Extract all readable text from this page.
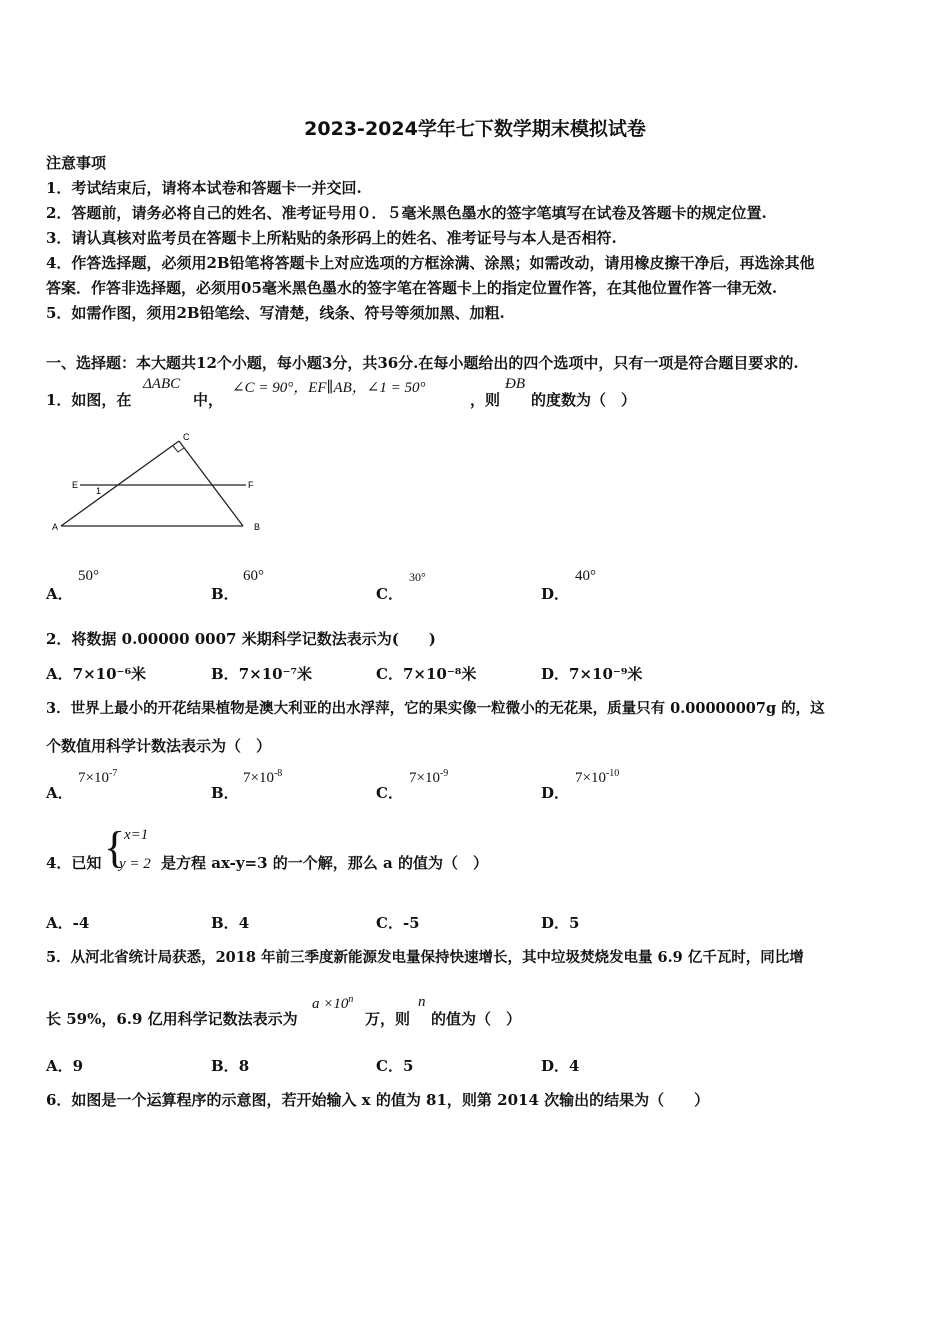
2023-2024学年七下数学期末模拟试卷
注意事项
1．考试结束后，请将本试卷和答题卡一并交回.
2．答题前，请务必将自己的姓名、准考证号用０．５毫米黑色墨水的签字笔填写在试卷及答题卡的规定位置.
3．请认真核对监考员在答题卡上所粘贴的条形码上的姓名、准考证号与本人是否相符.
4．作答选择题，必须用2B铅笔将答题卡上对应选项的方框涂满、涂黑；如需改动，请用橡皮擦干净后，再选涂其他
答案．作答非选择题，必须用05毫米黑色墨水的签字笔在答题卡上的指定位置作答，在其他位置作答一律无效.
5．如需作图，须用2B铅笔绘、写清楚，线条、符号等须加黑、加粗.
一、选择题：本大题共12个小题，每小题3分，共36分.在每小题给出的四个选项中，只有一项是符合题目要求的.
1．如图，在
ΔABC
中，
∠C = 90°，EF∥AB，∠1 = 50°
，则
ÐB
的度数为（　）
C
E	F
A	B
1
A．
50°
B．
60°
C．
30°
D．
40°
2．将数据 0.00000 0007 米期科学记数法表示为(　　)
A．7×10⁻⁶米	B．7×10⁻⁷米	C．7×10⁻⁸米	D．7×10⁻⁹米
3．世界上最小的开花结果植物是澳大利亚的出水浮萍，它的果实像一粒微小的无花果，质量只有 0.00000007g 的，这
个数值用科学计数法表示为（　）
A．
$7\times 10^{-7}$
B．
$7\times 10^{-8}$
C．
$7\times 10^{-9}$
D．
$7\times 10^{-10}$
4．已知 {
x=1
y = 2 是方程 ax-y=3 的一个解，那么 a 的值为（　）
A．-4	B．4	C．-5	D．5
5．从河北省统计局获悉，2018 年前三季度新能源发电量保持快速增长，其中垃圾焚烧发电量 6.9 亿千瓦时，同比增
长 59%，6.9 亿用科学记数法表示为
$a \times 10^n$
万，则
n
的值为（　）
A．9	B．8	C．5	D．4
6．如图是一个运算程序的示意图，若开始输入 x 的值为 81，则第 2014 次输出的结果为（　　）
